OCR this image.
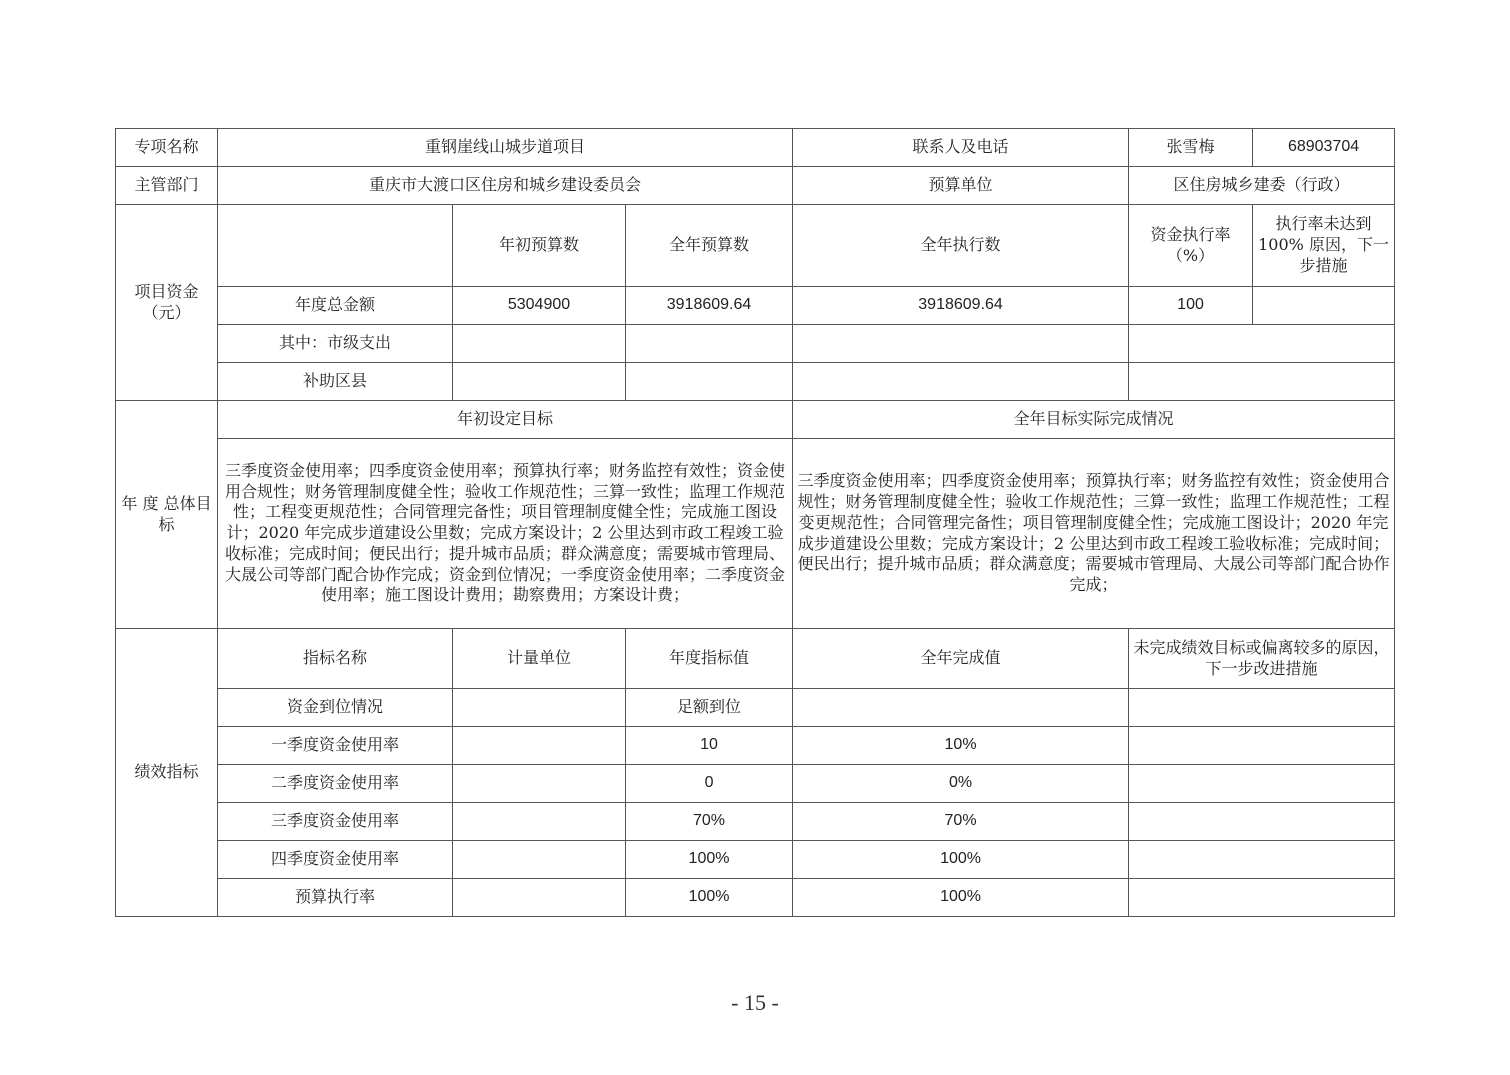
专项名称	重钢崖线山城步道项目			联系人及电话	张雪梅	68903704
主管部门	重庆市大渡口区住房和城乡建设委员会			预算单位	区住房城乡建委（行政）	
项目资金（元）		年初预算数	全年预算数	全年执行数	资金执行率（%）	执行率未达到 100% 原因，下一步措施
	年度总金额	5304900	3918609.64	3918609.64	100	
	其中：市级支出					
	补助区县					
年 度 总体目标	年初设定目标			全年目标实际完成情况		
	三季度资金使用率；四季度资金使用率；预算执行率；财务监控有效性；资金使用合规性；财务管理制度健全性；验收工作规范性；三算一致性；监理工作规范性；工程变更规范性；合同管理完备性；项目管理制度健全性；完成施工图设计；2020 年完成步道建设公里数；完成方案设计；2 公里达到市政工程竣工验收标准；完成时间；便民出行；提升城市品质；群众满意度；需要城市管理局、大晟公司等部门配合协作完成；资金到位情况；一季度资金使用率；二季度资金使用率；施工图设计费用；勘察费用；方案设计费；			三季度资金使用率；四季度资金使用率；预算执行率；财务监控有效性；资金使用合规性；财务管理制度健全性；验收工作规范性；三算一致性；监理工作规范性；工程变更规范性；合同管理完备性；项目管理制度健全性；完成施工图设计；2020 年完成步道建设公里数；完成方案设计；2 公里达到市政工程竣工验收标准；完成时间；便民出行；提升城市品质；群众满意度；需要城市管理局、大晟公司等部门配合协作完成；		
绩效指标	指标名称	计量单位	年度指标值	全年完成值	未完成绩效目标或偏离较多的原因，下一步改进措施	
	资金到位情况		足额到位			
	一季度资金使用率		10	10%		
	二季度资金使用率		0	0%		
	三季度资金使用率		70%	70%		
	四季度资金使用率		100%	100%		
	预算执行率		100%	100%		
- 15 -
